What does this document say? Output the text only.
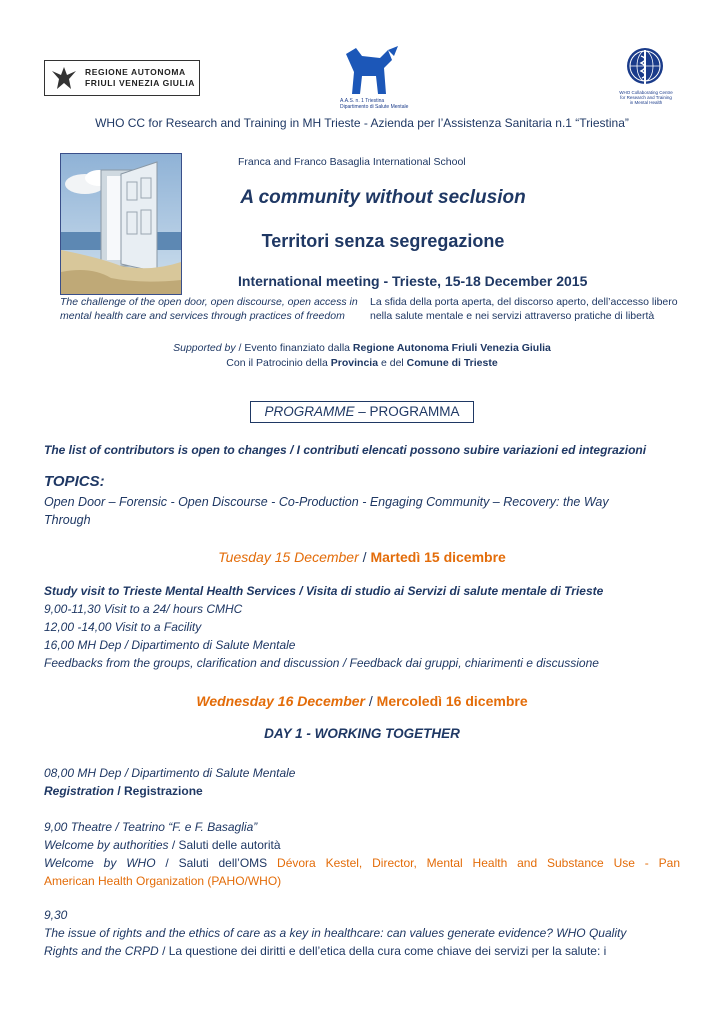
REGIONE AUTONOMA
FRIULI VENEZIA GIULIA
A.A.S. n. 1 Triestina
Dipartimento di Salute Mentale
WHO Collaborating Centre
for Research and Training
in Mental Health
WHO CC for Research and Training in MH Trieste - Azienda per l’Assistenza Sanitaria n.1 “Triestina”
Franca and Franco Basaglia International School
A community without seclusion
Territori senza segregazione
International meeting - Trieste, 15-18 December 2015
The challenge of the open door, open discourse, open access in mental health care and services through practices of freedom
La sfida della porta aperta, del discorso aperto, dell’accesso libero nella salute mentale e nei servizi attraverso pratiche di libertà
Supported by / Evento finanziato dalla Regione Autonoma Friuli Venezia Giulia
Con il Patrocinio della Provincia e del Comune di Trieste
PROGRAMME – PROGRAMMA
The list of contributors is open to changes / I contributi elencati possono subire variazioni ed integrazioni
TOPICS:
Open Door – Forensic - Open Discourse - Co-Production - Engaging Community – Recovery: the Way
Through
Tuesday 15 December / Martedì 15 dicembre
Study visit to Trieste Mental Health Services / Visita di studio ai Servizi di salute mentale di Trieste
9,00-11,30 Visit to a 24/ hours CMHC
12,00 -14,00 Visit to a Facility
16,00 MH Dep / Dipartimento di Salute Mentale
Feedbacks from the groups, clarification and discussion / Feedback dai gruppi, chiarimenti e discussione
Wednesday 16 December / Mercoledì 16 dicembre
DAY 1 - WORKING TOGETHER
08,00 MH Dep / Dipartimento di Salute Mentale
Registration / Registrazione
9,00 Theatre / Teatrino “F. e F. Basaglia”
Welcome by authorities / Saluti delle autorità
Welcome by WHO / Saluti dell’OMS Dévora Kestel, Director, Mental Health and Substance Use - Pan
American Health Organization (PAHO/WHO)
9,30
The issue of rights and the ethics of care as a key in healthcare: can values generate evidence? WHO Quality
Rights and the CRPD / La questione dei diritti e dell’etica della cura come chiave dei servizi per la salute: i
